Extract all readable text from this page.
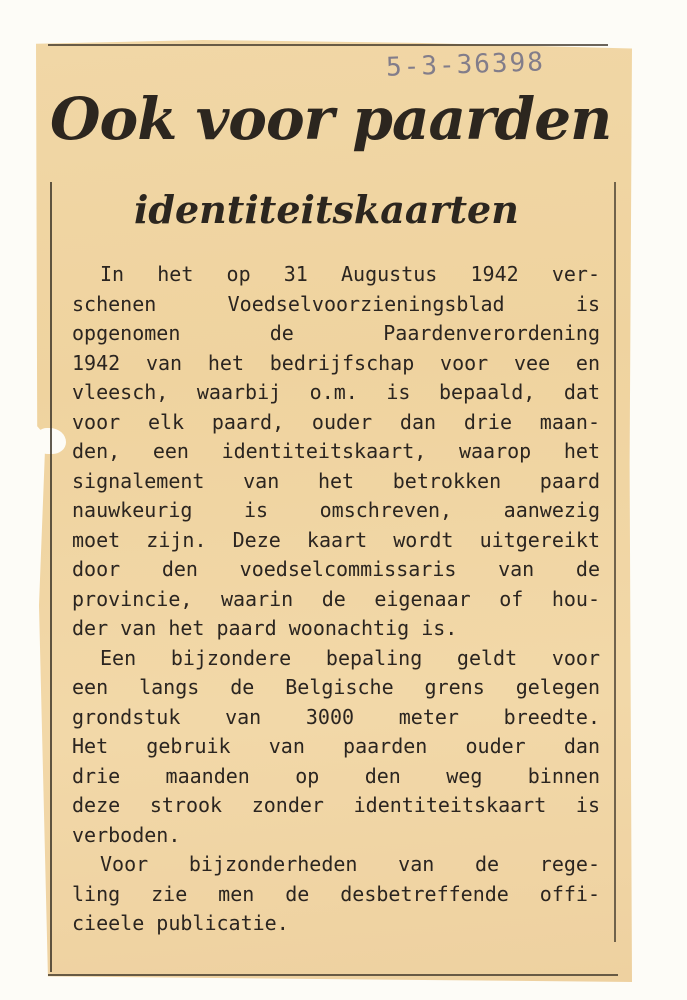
5-3-36398
Ook voor paarden
identiteitskaarten
In het op 31 Augustus 1942 ver-
schenen Voedselvoorzieningsblad is
opgenomen de Paardenverordening
1942 van het bedrijfschap voor vee en
vleesch, waarbij o.m. is bepaald, dat
voor elk paard, ouder dan drie maan-
den, een identiteitskaart, waarop het
signalement van het betrokken paard
nauwkeurig is omschreven, aanwezig
moet zijn. Deze kaart wordt uitgereikt
door den voedselcommissaris van de
provincie, waarin de eigenaar of hou-
der van het paard woonachtig is.
Een bijzondere bepaling geldt voor
een langs de Belgische grens gelegen
grondstuk van 3000 meter breedte.
Het gebruik van paarden ouder dan
drie maanden op den weg binnen
deze strook zonder identiteitskaart is
verboden.
Voor bijzonderheden van de rege-
ling zie men de desbetreffende offi-
cieele publicatie.
